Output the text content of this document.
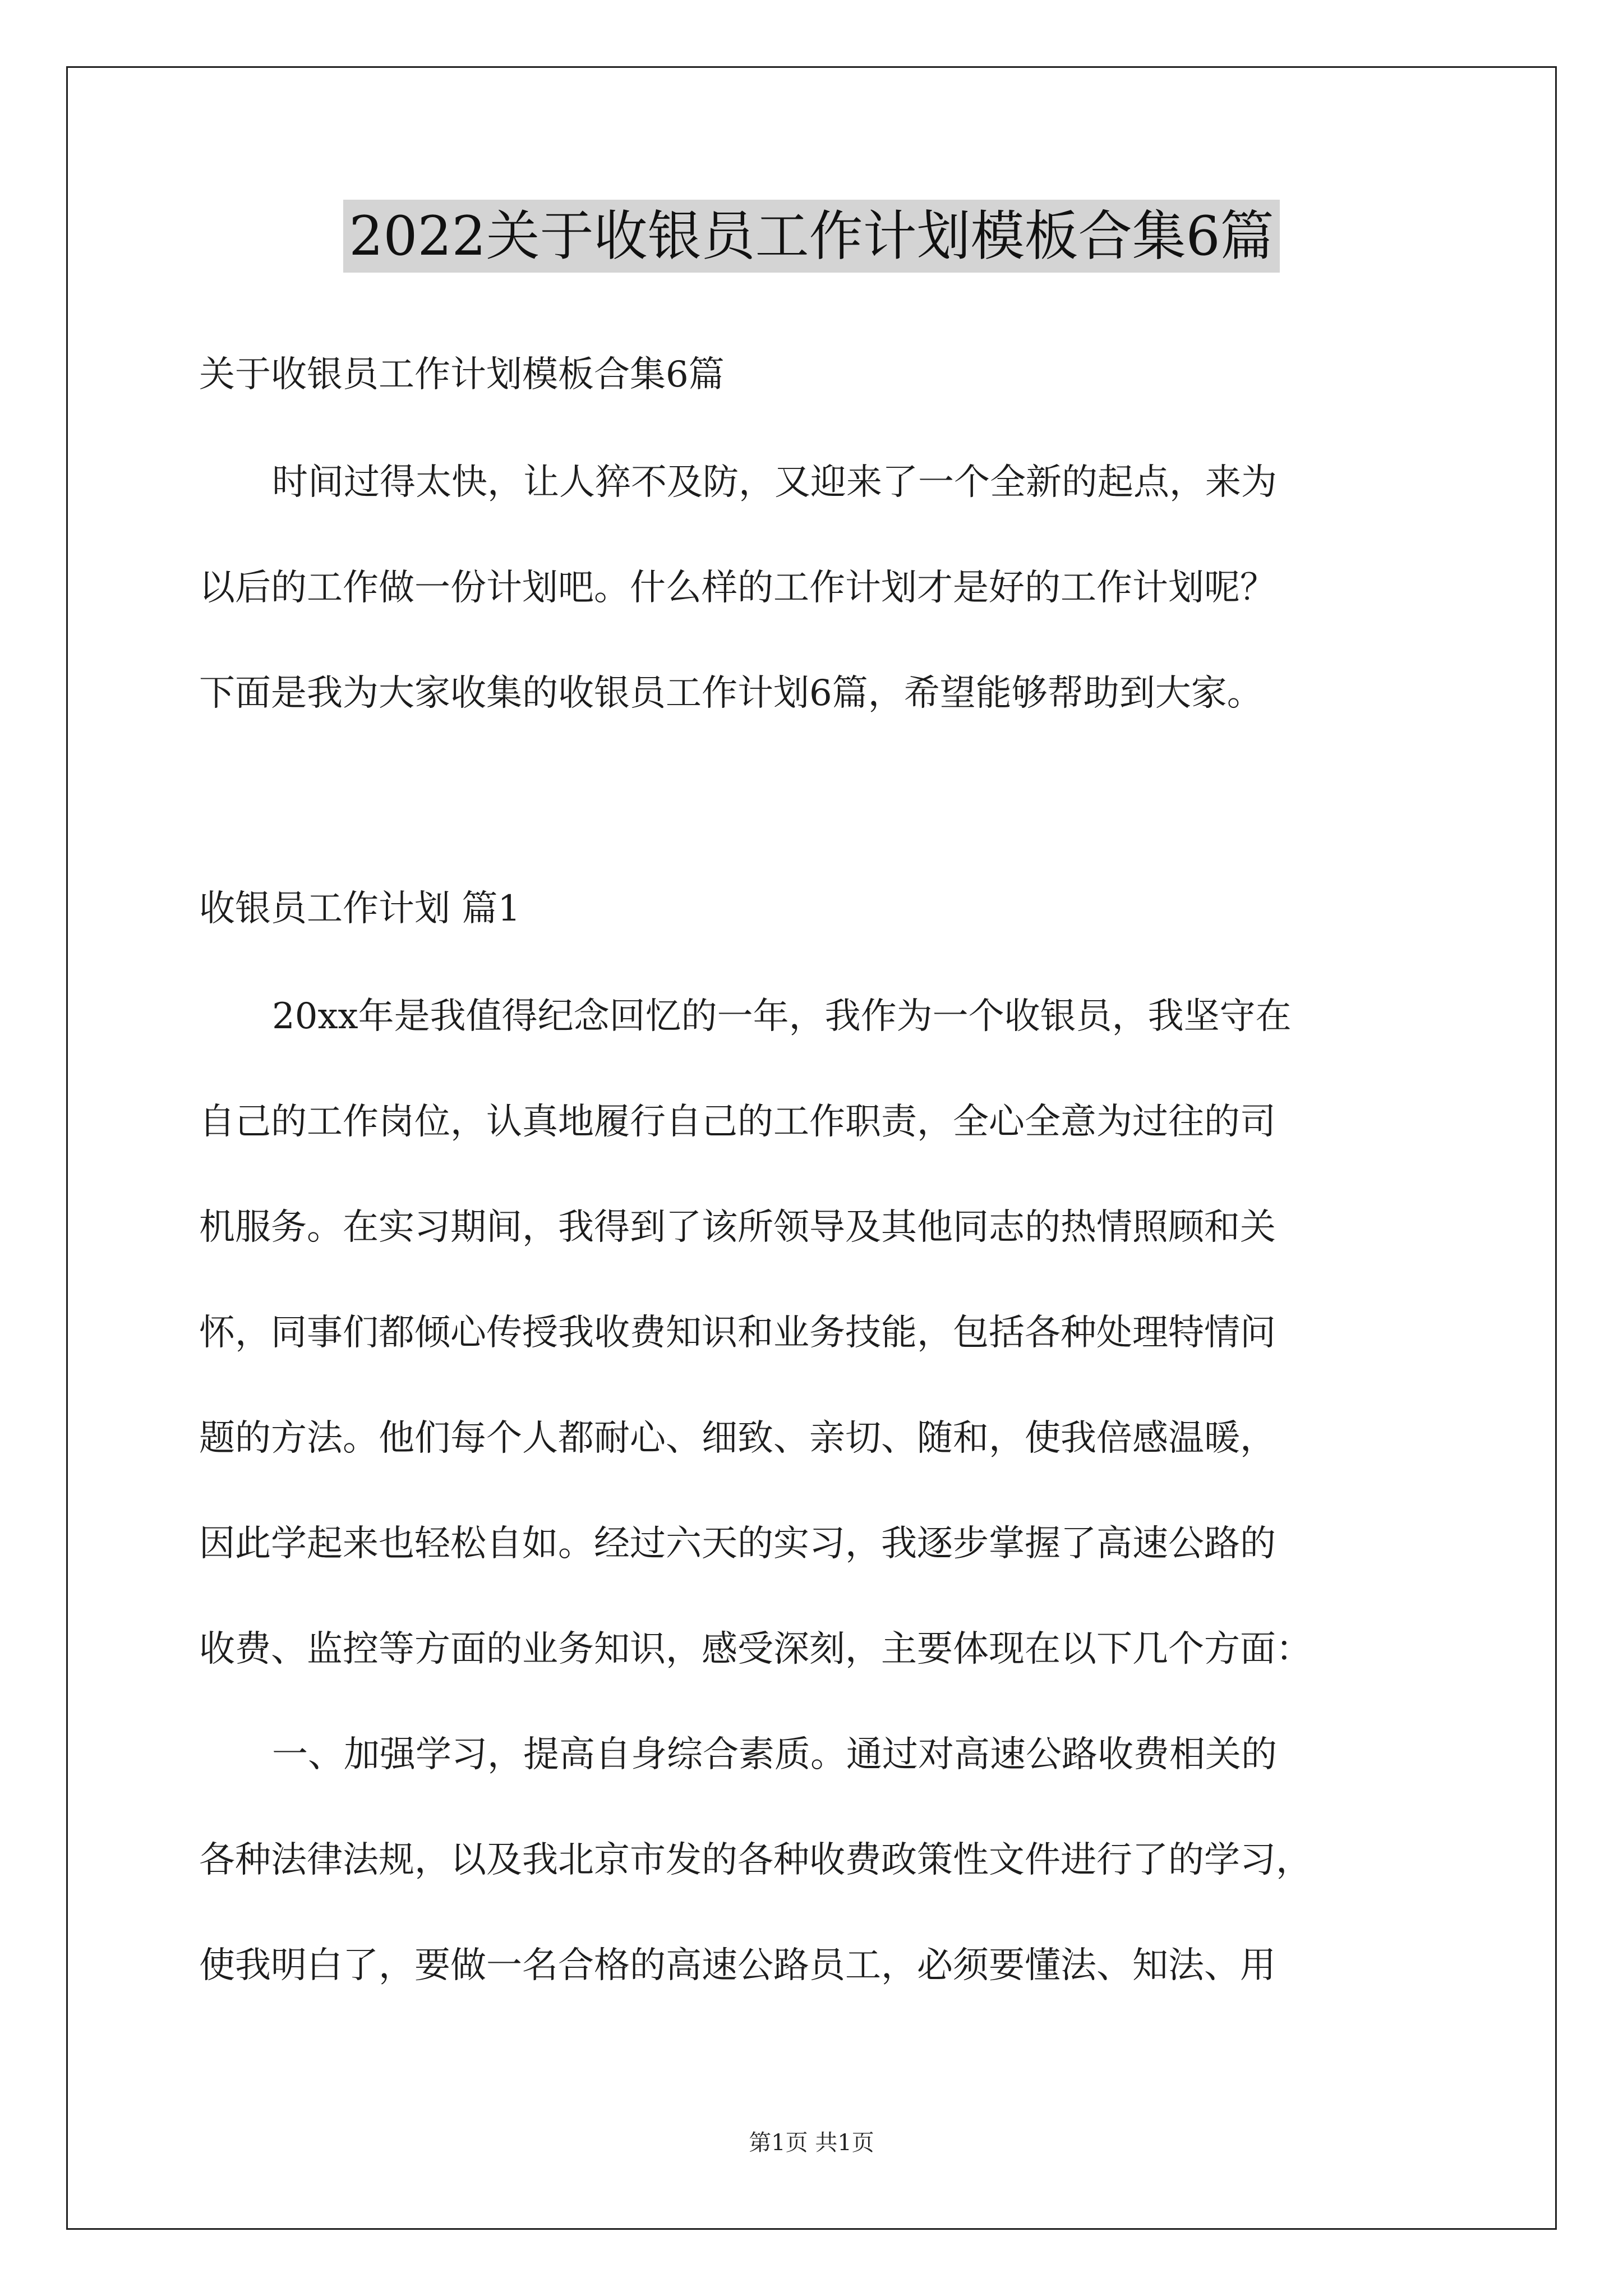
2022关于收银员工作计划模板合集6篇
关于收银员工作计划模板合集6篇
时间过得太快，让人猝不及防，又迎来了一个全新的起点，来为
以后的工作做一份计划吧。什么样的工作计划才是好的工作计划呢？
下面是我为大家收集的收银员工作计划6篇，希望能够帮助到大家。
收银员工作计划 篇1
20xx年是我值得纪念回忆的一年，我作为一个收银员，我坚守在
自己的工作岗位，认真地履行自己的工作职责，全心全意为过往的司
机服务。在实习期间，我得到了该所领导及其他同志的热情照顾和关
怀，同事们都倾心传授我收费知识和业务技能，包括各种处理特情问
题的方法。他们每个人都耐心、细致、亲切、随和，使我倍感温暖，
因此学起来也轻松自如。经过六天的实习，我逐步掌握了高速公路的
收费、监控等方面的业务知识，感受深刻，主要体现在以下几个方面：
一、加强学习，提高自身综合素质。通过对高速公路收费相关的
各种法律法规，以及我北京市发的各种收费政策性文件进行了的学习，
使我明白了，要做一名合格的高速公路员工，必须要懂法、知法、用
第1页 共1页
